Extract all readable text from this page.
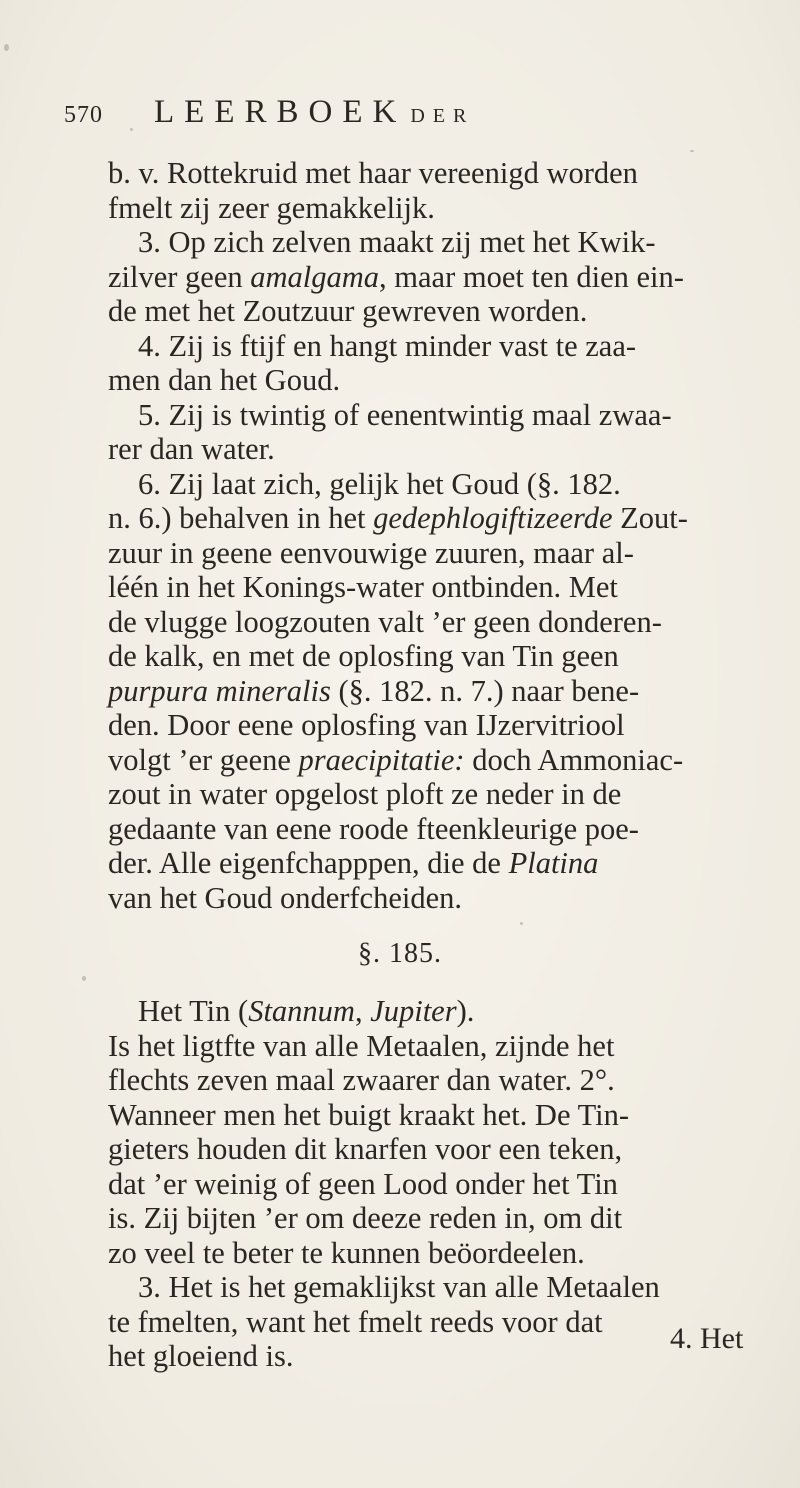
570	LEERBOEK DER
b. v. Rottekruid met haar vereenigd worden
fmelt zij zeer gemakkelijk.
3. Op zich zelven maakt zij met het Kwik-
zilver geen amalgama, maar moet ten dien ein-
de met het Zoutzuur gewreven worden.
4. Zij is ftijf en hangt minder vast te zaa-
men dan het Goud.
5. Zij is twintig of eenentwintig maal zwaa-
rer dan water.
6. Zij laat zich, gelijk het Goud (§. 182.
n. 6.) behalven in het gedephlogiftizeerde Zout-
zuur in geene eenvouwige zuuren, maar al-
léén in het Konings-water ontbinden. Met
de vlugge loogzouten valt ’er geen donderen-
de kalk, en met de oplosfing van Tin geen
purpura mineralis (§. 182. n. 7.) naar bene-
den. Door eene oplosfing van IJzervitriool
volgt ’er geene praecipitatie: doch Ammoniac-
zout in water opgelost ploft ze neder in de
gedaante van eene roode fteenkleurige poe-
der. Alle eigenfchapppen, die de Platina
van het Goud onderfcheiden.
§. 185.
Het Tin (Stannum, Jupiter).
Is het ligtfte van alle Metaalen, zijnde het
flechts zeven maal zwaarer dan water. 2°.
Wanneer men het buigt kraakt het. De Tin-
gieters houden dit knarfen voor een teken,
dat ’er weinig of geen Lood onder het Tin
is. Zij bijten ’er om deeze reden in, om dit
zo veel te beter te kunnen beöordeelen.
3. Het is het gemaklijkst van alle Metaalen
te fmelten, want het fmelt reeds voor dat
het gloeiend is.
4. Het
